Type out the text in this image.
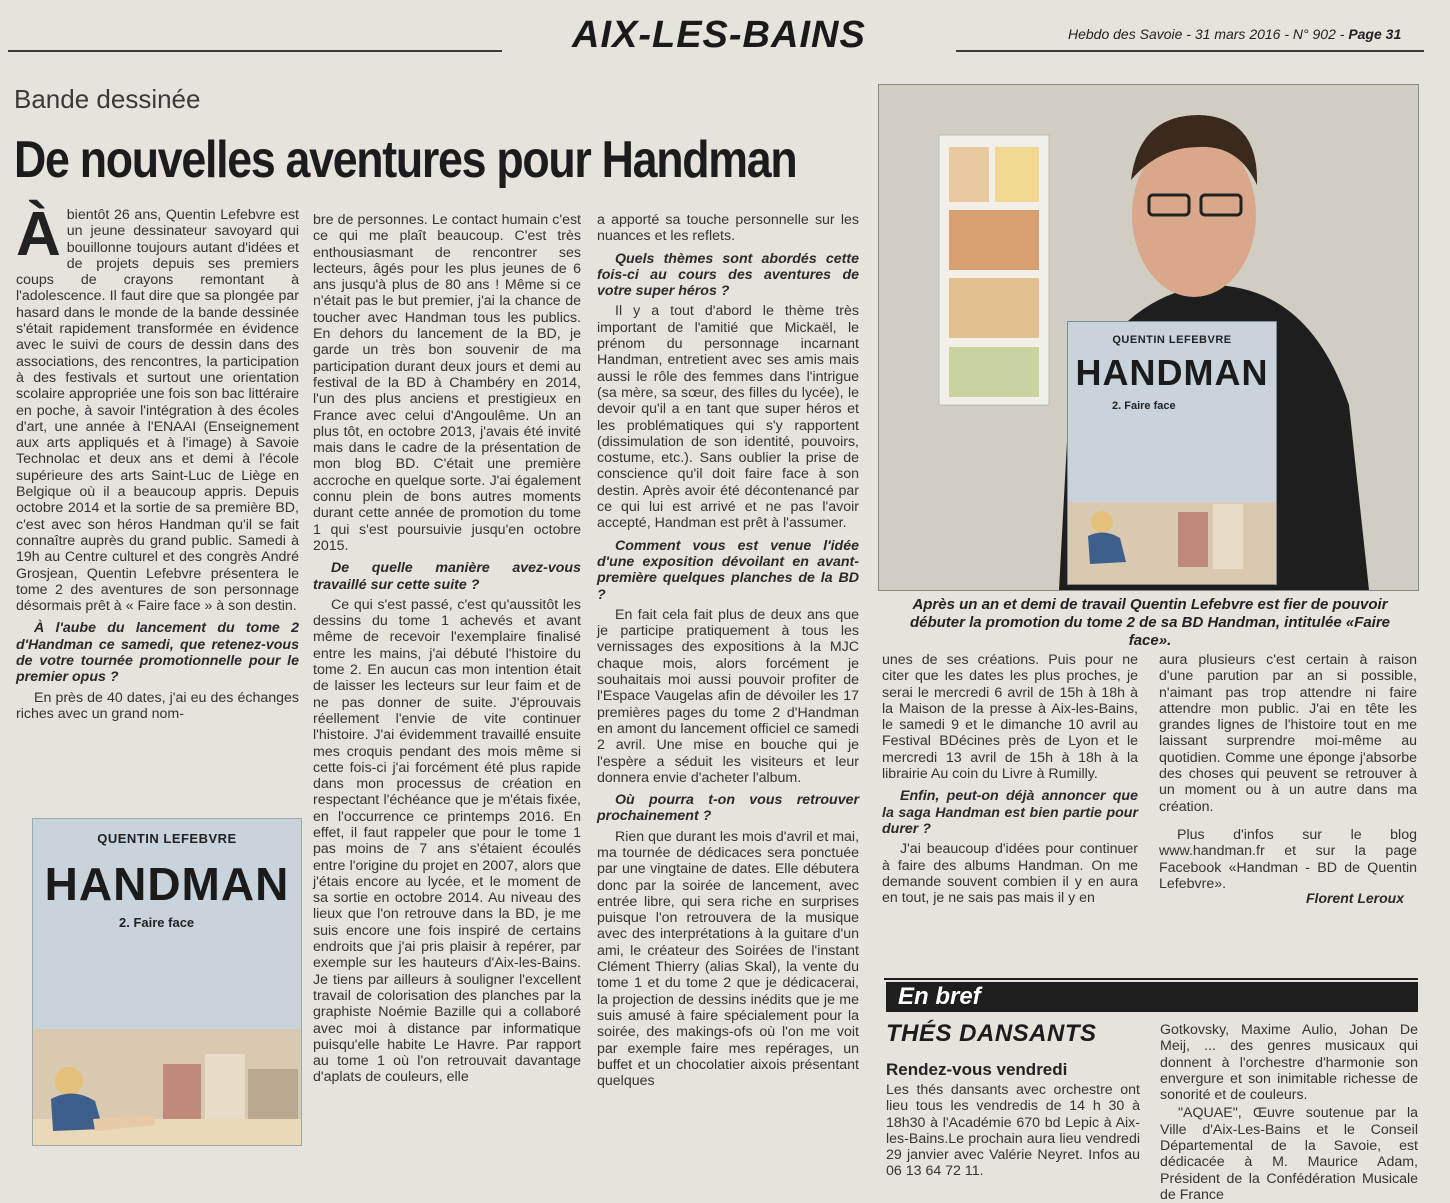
AIX-LES-BAINS	Hebdo des Savoie - 31 mars 2016 - N° 902 - Page 31
Bande dessinée
De nouvelles aventures pour Handman
À bientôt 26 ans, Quentin Lefebvre est un jeune dessinateur savoyard qui bouillonne toujours autant d'idées et de projets depuis ses premiers coups de crayons remontant à l'adolescence. Il faut dire que sa plongée par hasard dans le monde de la bande dessinée s'était rapidement transformée en évidence avec le suivi de cours de dessin dans des associations, des rencontres, la participation à des festivals et surtout une orientation scolaire appropriée une fois son bac littéraire en poche, à savoir l'intégration à des écoles d'art, une année à l'ENAAI (Enseignement aux arts appliqués et à l'image) à Savoie Technolac et deux ans et demi à l'école supérieure des arts Saint-Luc de Liège en Belgique où il a beaucoup appris. Depuis octobre 2014 et la sortie de sa première BD, c'est avec son héros Handman qu'il se fait connaître auprès du grand public. Samedi à 19h au Centre culturel et des congrès André Grosjean, Quentin Lefebvre présentera le tome 2 des aventures de son personnage désormais prêt à « Faire face » à son destin.

À l'aube du lancement du tome 2 d'Handman ce samedi, que retenez-vous de votre tournée promotionnelle pour le premier opus ?

En près de 40 dates, j'ai eu des échanges riches avec un grand nom-

QUENTIN LEFEBVRE
HANDMAN
2. Faire face

bre de personnes. Le contact humain c'est ce qui me plaît beaucoup. C'est très enthousiasmant de rencontrer ses lecteurs, âgés pour les plus jeunes de 6 ans jusqu'à plus de 80 ans ! Même si ce n'était pas le but premier, j'ai la chance de toucher avec Handman tous les publics. En dehors du lancement de la BD, je garde un très bon souvenir de ma participation durant deux jours et demi au festival de la BD à Chambéry en 2014, l'un des plus anciens et prestigieux en France avec celui d'Angoulême. Un an plus tôt, en octobre 2013, j'avais été invité mais dans le cadre de la présentation de mon blog BD. C'était une première accroche en quelque sorte. J'ai également connu plein de bons autres moments durant cette année de promotion du tome 1 qui s'est poursuivie jusqu'en octobre 2015.

De quelle manière avez-vous travaillé sur cette suite ?

Ce qui s'est passé, c'est qu'aussitôt les dessins du tome 1 achevés et avant même de recevoir l'exemplaire finalisé entre les mains, j'ai débuté l'histoire du tome 2. En aucun cas mon intention était de laisser les lecteurs sur leur faim et de ne pas donner de suite. J'éprouvais réellement l'envie de vite continuer l'histoire. J'ai évidemment travaillé ensuite mes croquis pendant des mois même si cette fois-ci j'ai forcément été plus rapide dans mon processus de création en respectant l'échéance que je m'étais fixée, en l'occurrence ce printemps 2016. En effet, il faut rappeler que pour le tome 1 pas moins de 7 ans s'étaient écoulés entre l'origine du projet en 2007, alors que j'étais encore au lycée, et le moment de sa sortie en octobre 2014. Au niveau des lieux que l'on retrouve dans la BD, je me suis encore une fois inspiré de certains endroits que j'ai pris plaisir à repérer, par exemple sur les hauteurs d'Aix-les-Bains. Je tiens par ailleurs à souligner l'excellent travail de colorisation des planches par la graphiste Noémie Bazille qui a collaboré avec moi à distance par informatique puisqu'elle habite Le Havre. Par rapport au tome 1 où l'on retrouvait davantage d'aplats de couleurs, elle

a apporté sa touche personnelle sur les nuances et les reflets.

Quels thèmes sont abordés cette fois-ci au cours des aventures de votre super héros ?

Il y a tout d'abord le thème très important de l'amitié que Mickaël, le prénom du personnage incarnant Handman, entretient avec ses amis mais aussi le rôle des femmes dans l'intrigue (sa mère, sa sœur, des filles du lycée), le devoir qu'il a en tant que super héros et les problématiques qui s'y rapportent (dissimulation de son identité, pouvoirs, costume, etc.). Sans oublier la prise de conscience qu'il doit faire face à son destin. Après avoir été décontenancé par ce qui lui est arrivé et ne pas l'avoir accepté, Handman est prêt à l'assumer.

Comment vous est venue l'idée d'une exposition dévoilant en avant-première quelques planches de la BD ?

En fait cela fait plus de deux ans que je participe pratiquement à tous les vernissages des expositions à la MJC chaque mois, alors forcément je souhaitais moi aussi pouvoir profiter de l'Espace Vaugelas afin de dévoiler les 17 premières pages du tome 2 d'Handman en amont du lancement officiel ce samedi 2 avril. Une mise en bouche qui je l'espère a séduit les visiteurs et leur donnera envie d'acheter l'album.

Où pourra t-on vous retrouver prochainement ?

Rien que durant les mois d'avril et mai, ma tournée de dédicaces sera ponctuée par une vingtaine de dates. Elle débutera donc par la soirée de lancement, avec entrée libre, qui sera riche en surprises puisque l'on retrouvera de la musique avec des interprétations à la guitare d'un ami, le créateur des Soirées de l'instant Clément Thierry (alias Skal), la vente du tome 1 et du tome 2 que je dédicacerai, la projection de dessins inédits que je me suis amusé à faire spécialement pour la soirée, des makings-ofs où l'on me voit par exemple faire mes repérages, un buffet et un chocolatier aixois présentant quelques

QUENTIN LEFEBVRE
HANDMAN
2. Faire face
Après un an et demi de travail Quentin Lefebvre est fier de pouvoir débuter la promotion du tome 2 de sa BD Handman, intitulée «Faire face».

unes de ses créations. Puis pour ne citer que les dates les plus proches, je serai le mercredi 6 avril de 15h à 18h à la Maison de la presse à Aix-les-Bains, le samedi 9 et le dimanche 10 avril au Festival BDécines près de Lyon et le mercredi 13 avril de 15h à 18h à la librairie Au coin du Livre à Rumilly.

Enfin, peut-on déjà annoncer que la saga Handman est bien partie pour durer ?

J'ai beaucoup d'idées pour continuer à faire des albums Handman. On me demande souvent combien il y en aura en tout, je ne sais pas mais il y en

aura plusieurs c'est certain à raison d'une parution par an si possible, n'aimant pas trop attendre ni faire attendre mon public. J'ai en tête les grandes lignes de l'histoire tout en me laissant surprendre moi-même au quotidien. Comme une éponge j'absorbe des choses qui peuvent se retrouver à un moment ou à un autre dans ma création.

Plus d'infos sur le blog www.handman.fr et sur la page Facebook «Handman - BD de Quentin Lefebvre».

Florent Leroux
En bref
THÉS DANSANTS
Rendez-vous vendredi

Les thés dansants avec orchestre ont lieu tous les vendredis de 14 h 30 à 18h30 à l'Académie 670 bd Lepic à Aix-les-Bains.Le prochain aura lieu vendredi 29 janvier avec Valérie Neyret. Infos au 06 13 64 72 11.

Gotkovsky, Maxime Aulio, Johan De Meij, ... des genres musicaux qui donnent à l'orchestre d'harmonie son envergure et son inimitable richesse de sonorité et de couleurs.

"AQUAE", Œuvre soutenue par la Ville d'Aix-Les-Bains et le Conseil Départemental de la Savoie, est dédicacée à M. Maurice Adam, Président de la Confédération Musicale de France
